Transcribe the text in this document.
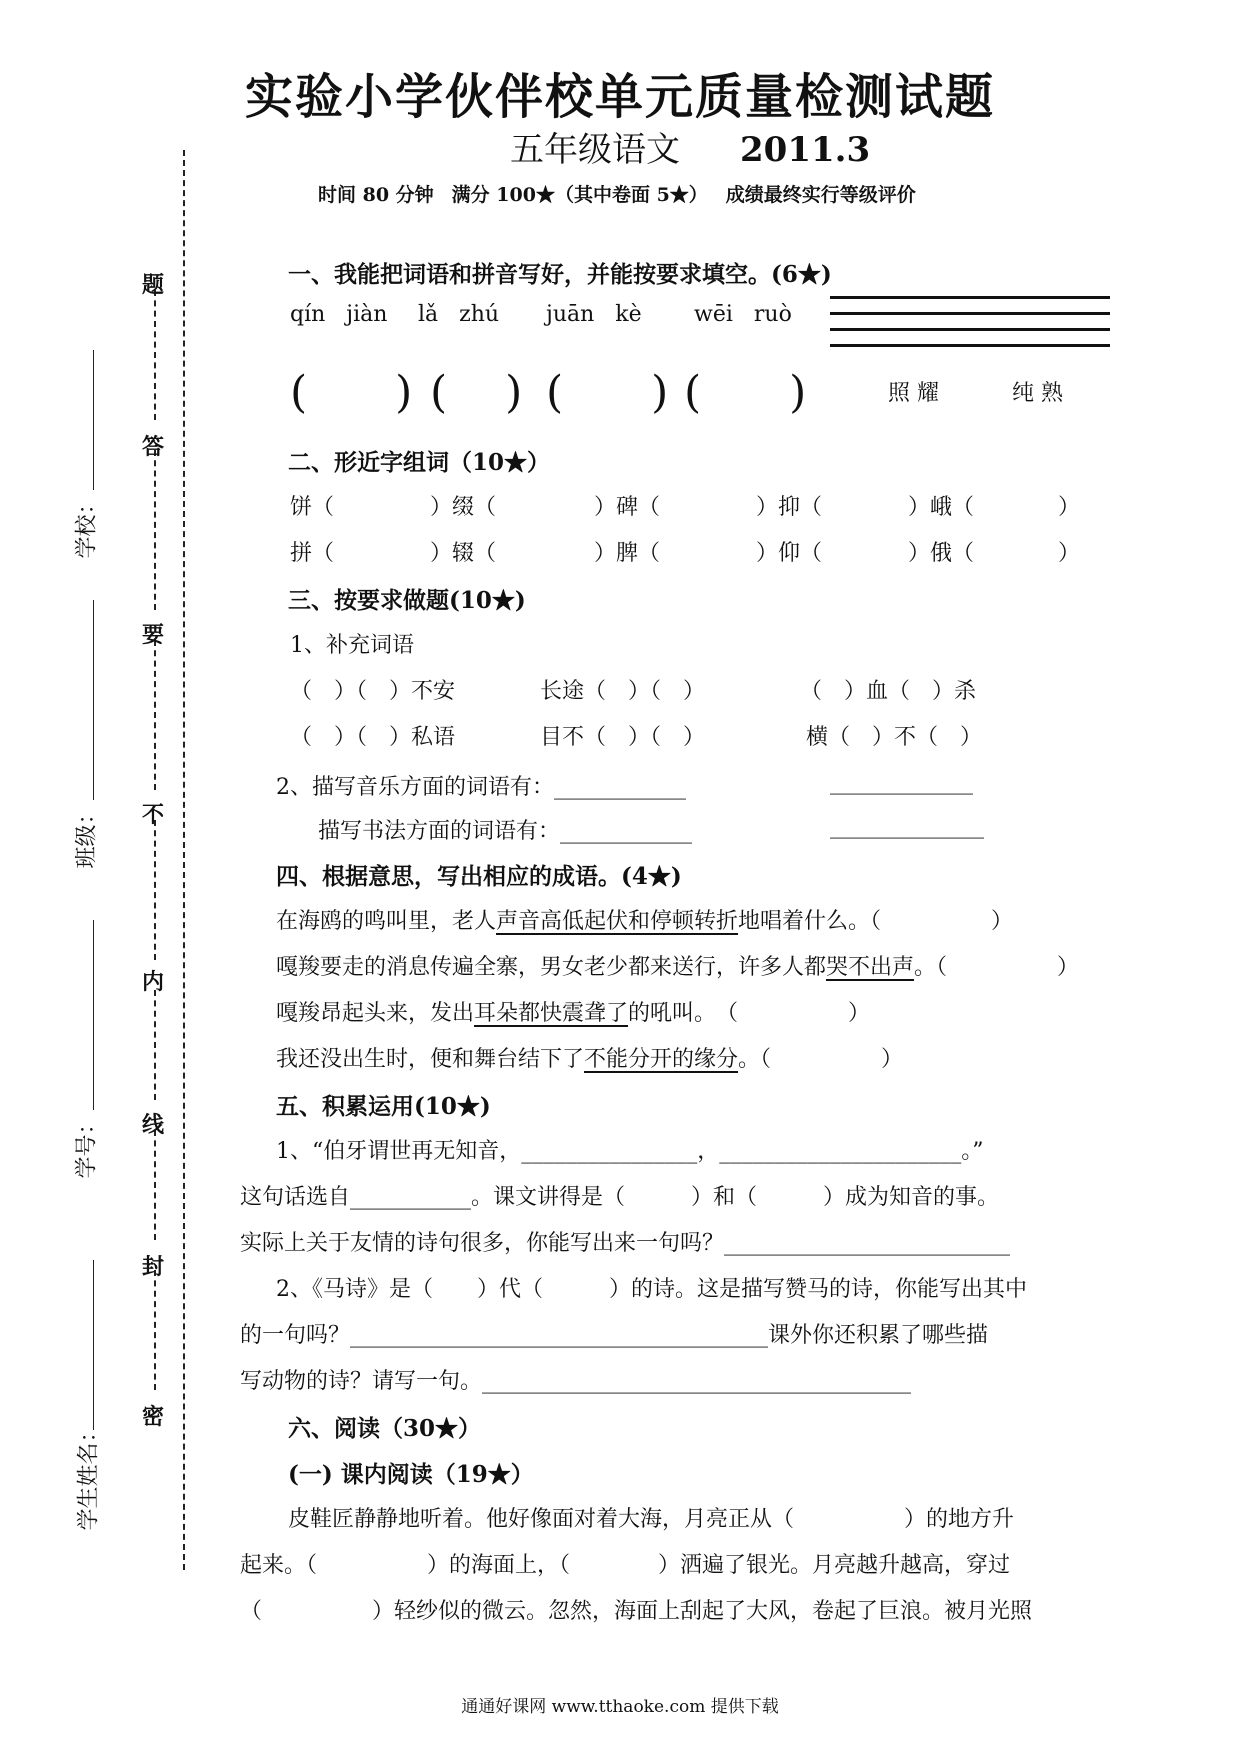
实验小学伙伴校单元质量检测试题
五年级语文 2011.3
时间 80 分钟 满分 100★（其中卷面 5★） 成绩最终实行等级评价
题
答
要
不
内
线
封
密
学校：
班级：
学号：
学生姓名：
一、我能把词语和拼音写好，并能按要求填空。(6★)
qín jiàn lǎ zhú juān kè wēi ruò
(　　) (　 ) (　　) (　　)	照 耀	纯 熟
二、形近字组词（10★）
饼（	）缀（	）碑（	）抑（	）峨（	）
拼（	）辍（	）脾（	）仰（	）俄（	）
三、按要求做题(10★)
1、补充词语
（　）（　）不安	长途（　）（　）	（　）血（　）杀
（　）（　）私语	目不（　）（　）	横（　）不（　）
2、描写音乐方面的词语有：____________	_____________
描写书法方面的词语有：____________	______________
四、根据意思，写出相应的成语。(4★)
在海鸥的鸣叫里，老人声音高低起伏和停顿转折地唱着什么。（　　　　　）
嘎羧要走的消息传遍全寨，男女老少都来送行，许多人都哭不出声。（　　　　　）
嘎羧昂起头来，发出耳朵都快震聋了的吼叫。　（　　　　　）
我还没出生时，便和舞台结下了不能分开的缘分。（　　　　　）
五、积累运用(10★)
1、“伯牙谓世再无知音，________________，______________________。”
这句话选自___________。课文讲得是（　　　）和（　　　）成为知音的事。
实际上关于友情的诗句很多，你能写出来一句吗？__________________________
2、《马诗》是（　　）代（　　　）的诗。这是描写赞马的诗，你能写出其中
的一句吗？______________________________________课外你还积累了哪些描
写动物的诗？请写一句。_______________________________________
六、阅读（30★）
(一) 课内阅读（19★）
皮鞋匠静静地听着。他好像面对着大海，月亮正从（　　　　　）的地方升
起来。（　　　　　）的海面上，（　　　　）洒遍了银光。月亮越升越高，穿过
（　　　　　）轻纱似的微云。忽然，海面上刮起了大风，卷起了巨浪。被月光照
通通好课网 www.tthaoke.com 提供下载
